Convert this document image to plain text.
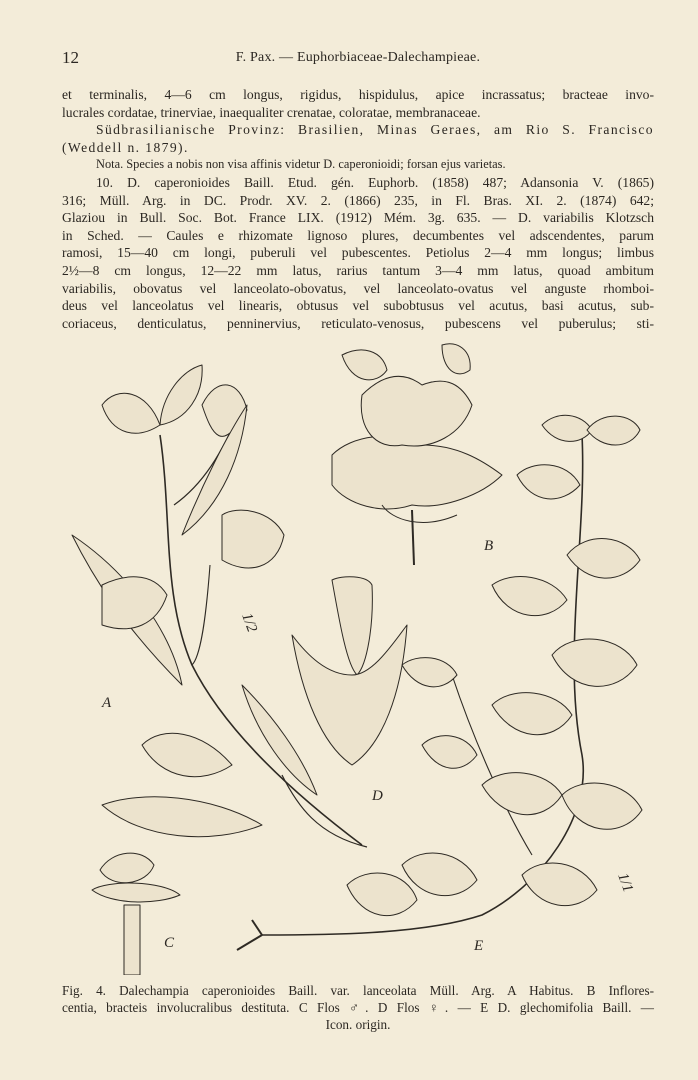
12	F. Pax. — Euphorbiaceae-Dalechampieae.
et terminalis, 4—6 cm longus, rigidus, hispidulus, apice incrassatus; bracteae invo-
lucrales cordatae, trinerviae, inaequaliter crenatae, coloratae, membranaceae.
Südbrasilianische Provinz: Brasilien, Minas Geraes, am Rio S. Francisco
(Weddell n. 1879).
Nota. Species a nobis non visa affinis videtur D. caperonioidi; forsan ejus varietas.
10. D. caperonioides Baill. Etud. gén. Euphorb. (1858) 487; Adansonia V. (1865)
316; Müll. Arg. in DC. Prodr. XV. 2. (1866) 235, in Fl. Bras. XI. 2. (1874) 642;
Glaziou in Bull. Soc. Bot. France LIX. (1912) Mém. 3g. 635. — D. variabilis Klotzsch
in Sched. — Caules e rhizomate lignoso plures, decumbentes vel adscendentes, parum
ramosi, 15—40 cm longi, puberuli vel pubescentes. Petiolus 2—4 mm longus; limbus
2½—8 cm longus, 12—22 mm latus, rarius tantum 3—4 mm latus, quoad ambitum
variabilis, obovatus vel lanceolato-obovatus, vel lanceolato-ovatus vel anguste rhomboi-
deus vel lanceolatus vel linearis, obtusus vel subobtusus vel acutus, basi acutus, sub-
coriaceus, denticulatus, penninervius, reticulato-venosus, pubescens vel puberulus; sti-
A
B
C
D
E
1/2
1/1
Fig. 4. Dalechampia caperonioides Baill. var. lanceolata Müll. Arg. A Habitus. B Inflores-
centia, bracteis involucralibus destituta. C Flos ♂. D Flos ♀. — E D. glechomifolia Baill. —
Icon. origin.
